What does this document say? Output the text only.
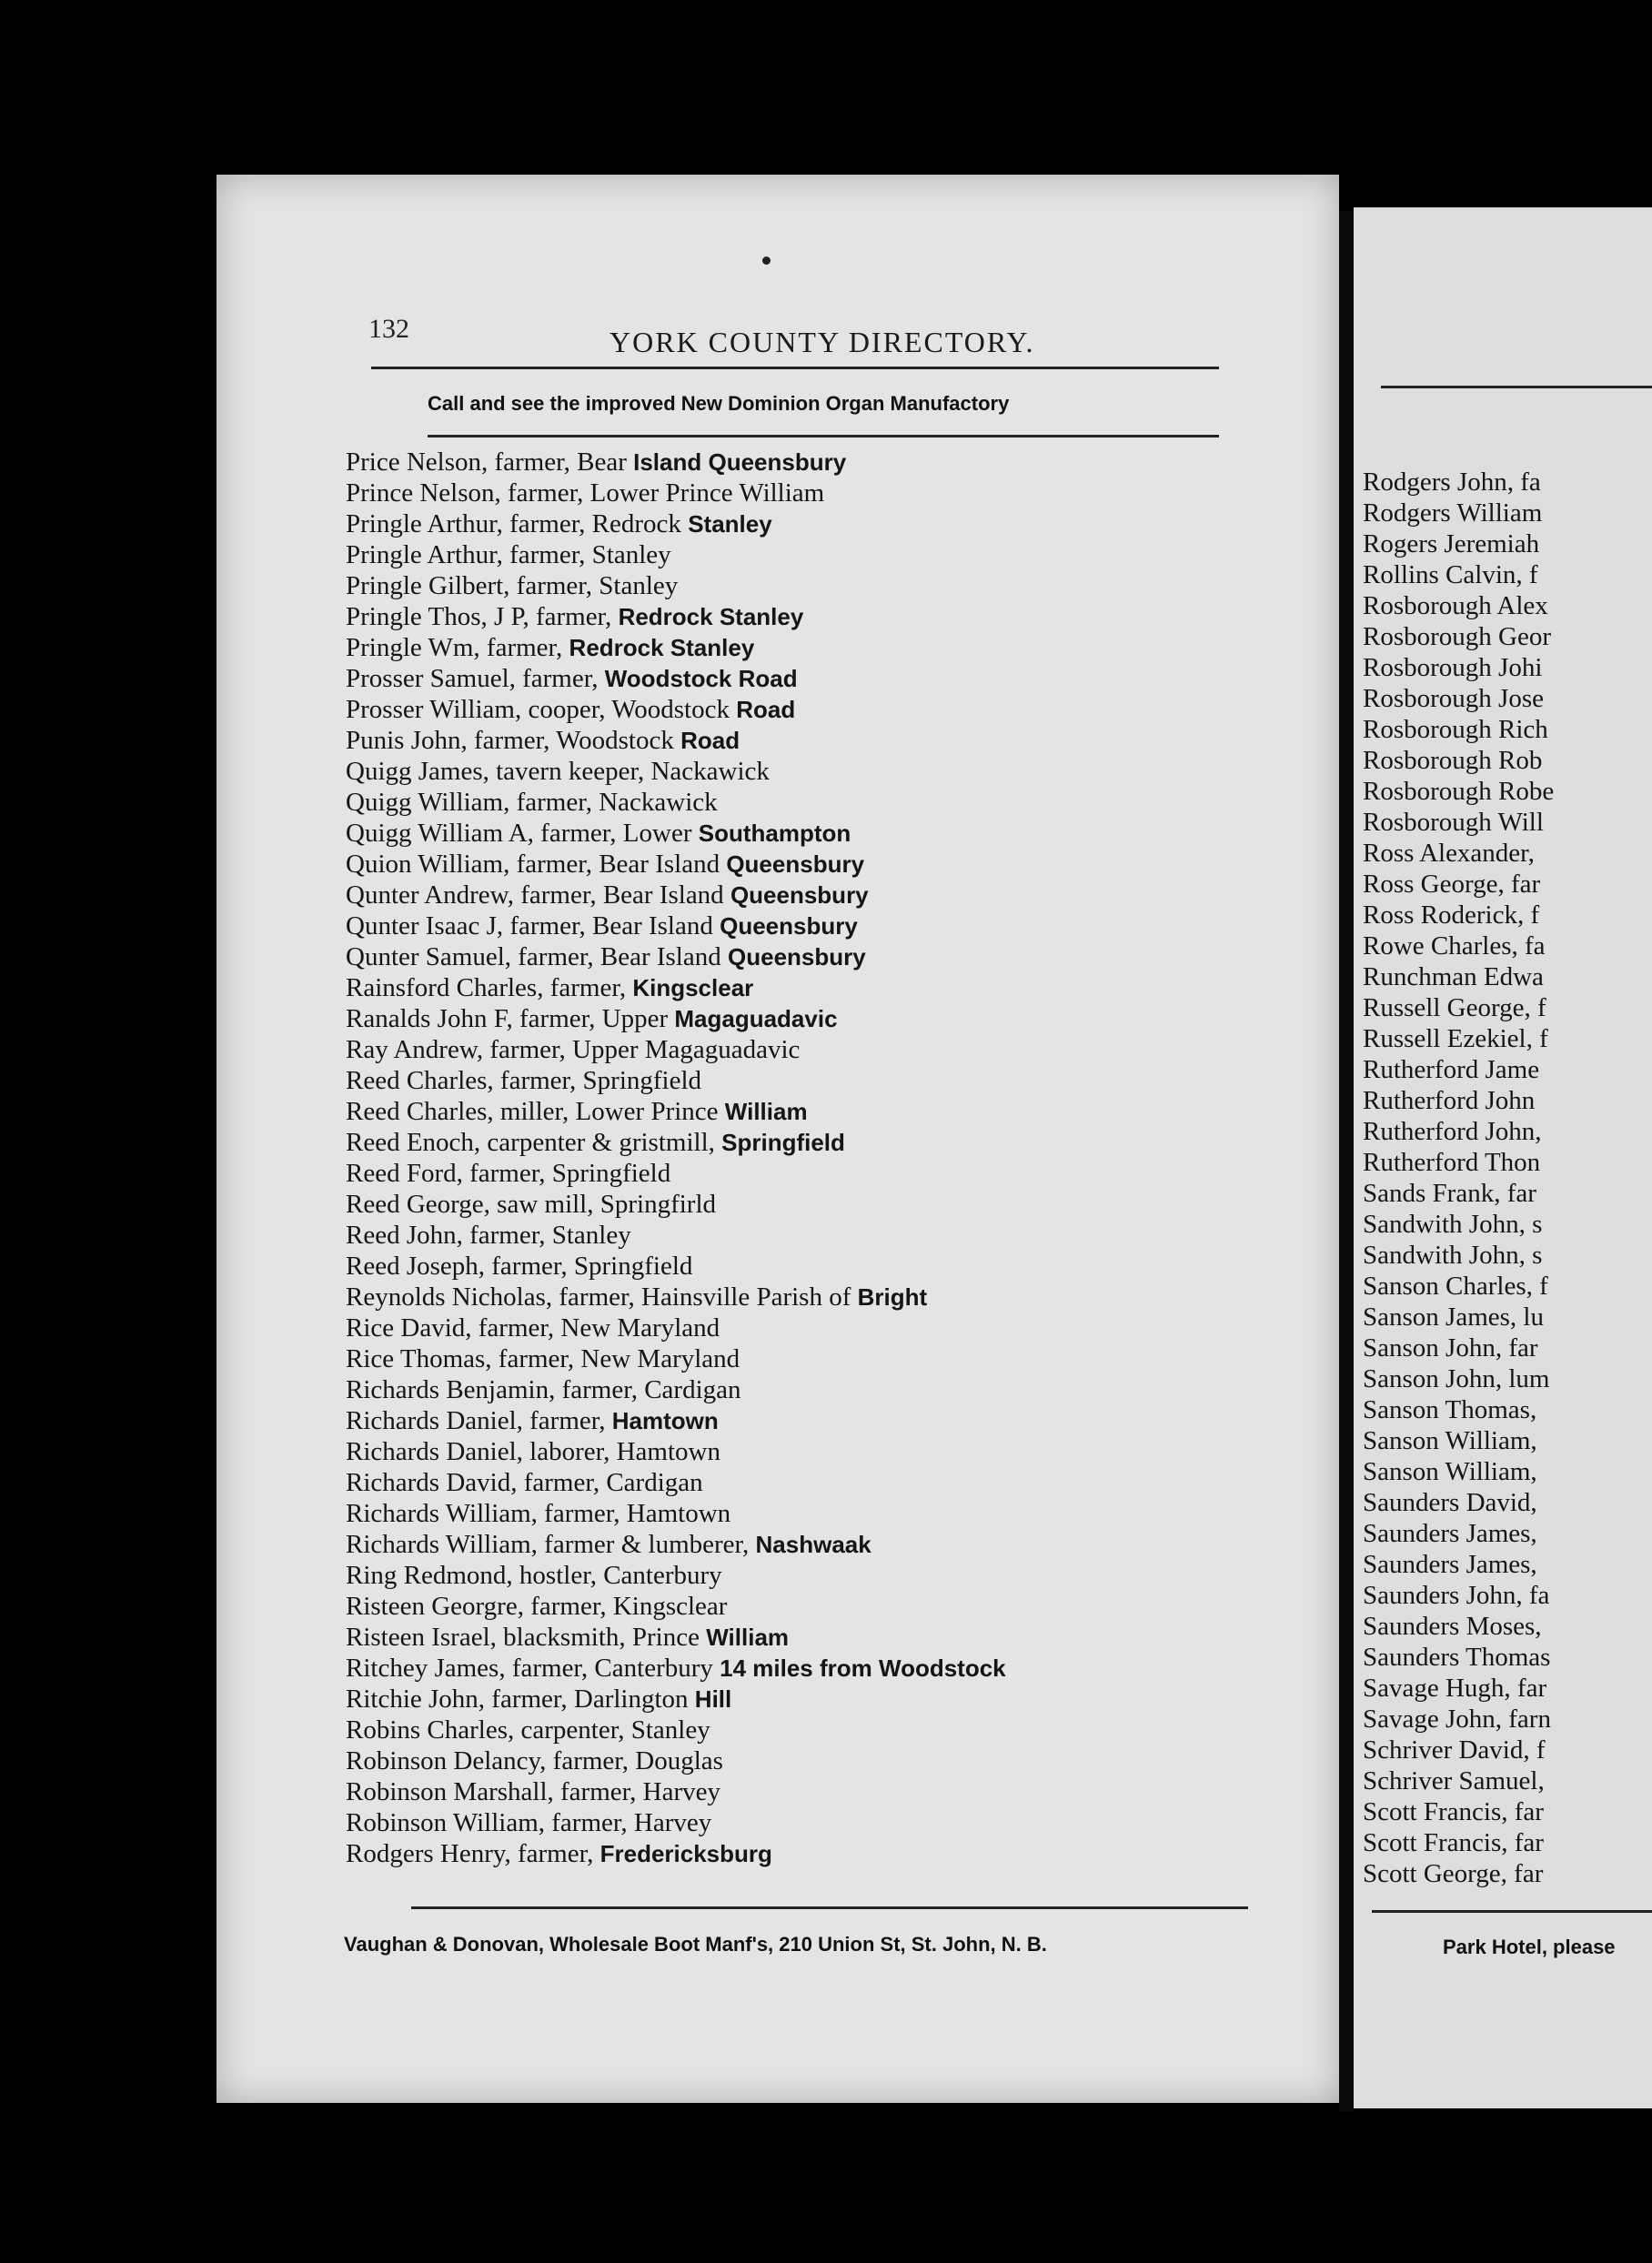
Rodgers John, fa
Rodgers William
Rogers Jeremiah
Rollins Calvin, f
Rosborough Alex
Rosborough Geor
Rosborough Johi
Rosborough Jose
Rosborough Rich
Rosborough Rob
Rosborough Robe
Rosborough Will
Ross Alexander,
Ross George, far
Ross Roderick, f
Rowe Charles, fa
Runchman Edwa
Russell George, f
Russell Ezekiel, f
Rutherford Jame
Rutherford John
Rutherford John,
Rutherford Thon
Sands Frank, far
Sandwith John, s
Sandwith John, s
Sanson Charles, f
Sanson James, lu
Sanson John, far
Sanson John, lum
Sanson Thomas,
Sanson William,
Sanson William,
Saunders David,
Saunders James,
Saunders James,
Saunders John, fa
Saunders Moses,
Saunders Thomas
Savage Hugh, far
Savage John, farn
Schriver David, f
Schriver Samuel,
Scott Francis, far
Scott Francis, far
Scott George, far
Park Hotel, please
132	YORK COUNTY DIRECTORY.
Call and see the improved New Dominion Organ Manufactory
Price Nelson, farmer, Bear Island Queensbury
Prince Nelson, farmer, Lower Prince William
Pringle Arthur, farmer, Redrock Stanley
Pringle Arthur, farmer, Stanley
Pringle Gilbert, farmer, Stanley
Pringle Thos, J P, farmer, Redrock Stanley
Pringle Wm, farmer, Redrock Stanley
Prosser Samuel, farmer, Woodstock Road
Prosser William, cooper, Woodstock Road
Punis John, farmer, Woodstock Road
Quigg James, tavern keeper, Nackawick
Quigg William, farmer, Nackawick
Quigg William A, farmer, Lower Southampton
Quion William, farmer, Bear Island Queensbury
Qunter Andrew, farmer, Bear Island Queensbury
Qunter Isaac J, farmer, Bear Island Queensbury
Qunter Samuel, farmer, Bear Island Queensbury
Rainsford Charles, farmer, Kingsclear
Ranalds John F, farmer, Upper Magaguadavic
Ray Andrew, farmer, Upper Magaguadavic
Reed Charles, farmer, Springfield
Reed Charles, miller, Lower Prince William
Reed Enoch, carpenter & gristmill, Springfield
Reed Ford, farmer, Springfield
Reed George, saw mill, Springfirld
Reed John, farmer, Stanley
Reed Joseph, farmer, Springfield
Reynolds Nicholas, farmer, Hainsville Parish of Bright
Rice David, farmer, New Maryland
Rice Thomas, farmer, New Maryland
Richards Benjamin, farmer, Cardigan
Richards Daniel, farmer, Hamtown
Richards Daniel, laborer, Hamtown
Richards David, farmer, Cardigan
Richards William, farmer, Hamtown
Richards William, farmer & lumberer, Nashwaak
Ring Redmond, hostler, Canterbury
Risteen Georgre, farmer, Kingsclear
Risteen Israel, blacksmith, Prince William
Ritchey James, farmer, Canterbury 14 miles from Woodstock
Ritchie John, farmer, Darlington Hill
Robins Charles, carpenter, Stanley
Robinson Delancy, farmer, Douglas
Robinson Marshall, farmer, Harvey
Robinson William, farmer, Harvey
Rodgers Henry, farmer, Fredericksburg
Vaughan & Donovan, Wholesale Boot Manf's, 210 Union St, St. John, N. B.
